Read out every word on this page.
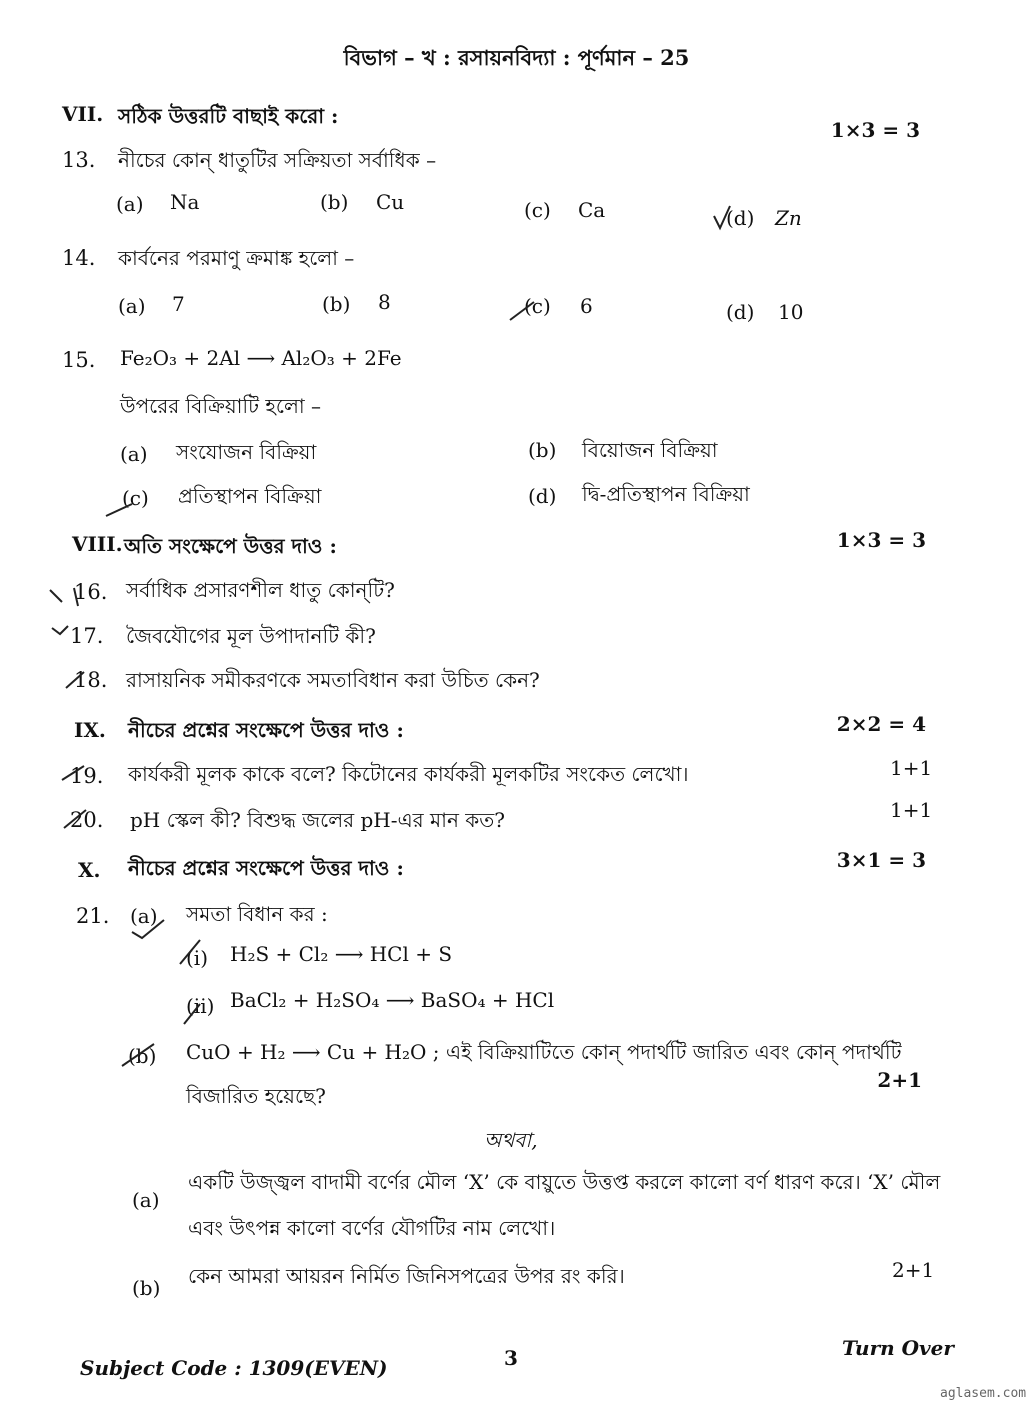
বিভাগ – খ : রসায়নবিদ্যা : পূর্ণমান – 25
VII. সঠিক উত্তরটি বাছাই করো :
1×3 = 3
13. নীচের কোন্ ধাতুটির সক্রিয়তা সর্বাধিক –
(a) Na	(b) Cu	(c) Ca	(d) Zn
14. কার্বনের পরমাণু ক্রমাঙ্ক হলো –
(a) 7	(b) 8	(c) 6	(d) 10
15. Fe₂O₃ + 2Al ⟶ Al₂O₃ + 2Fe
উপরের বিক্রিয়াটি হলো –
(a) সংযোজন বিক্রিয়া	(b) বিয়োজন বিক্রিয়া
(c) প্রতিস্থাপন বিক্রিয়া	(d) দ্বি-প্রতিস্থাপন বিক্রিয়া
VIII. অতি সংক্ষেপে উত্তর দাও :	1×3 = 3
16. সর্বাধিক প্রসারণশীল ধাতু কোন্‌টি?
17. জৈবযৌগের মূল উপাদানটি কী?
18. রাসায়নিক সমীকরণকে সমতাবিধান করা উচিত কেন?
IX. নীচের প্রশ্নের সংক্ষেপে উত্তর দাও :	2×2 = 4
19. কার্যকরী মূলক কাকে বলে? কিটোনের কার্যকরী মূলকটির সংকেত লেখো।	1+1
20. pH স্কেল কী? বিশুদ্ধ জলের pH-এর মান কত?	1+1
X. নীচের প্রশ্নের সংক্ষেপে উত্তর দাও :	3×1 = 3
21. (a) সমতা বিধান কর :
(i) H₂S + Cl₂ ⟶ HCl + S
(ii) BaCl₂ + H₂SO₄ ⟶ BaSO₄ + HCl
(b) CuO + H₂ ⟶ Cu + H₂O ; এই বিক্রিয়াটিতে কোন্ পদার্থটি জারিত এবং কোন্ পদার্থটি
বিজারিত হয়েছে?
2+1
অথবা,
(a)
একটি উজ্জ্বল বাদামী বর্ণের মৌল ‘X’ কে বায়ুতে উত্তপ্ত করলে কালো বর্ণ ধারণ করে। ‘X’ মৌল
এবং উৎপন্ন কালো বর্ণের যৌগটির নাম লেখো।
(b) কেন আমরা আয়রন নির্মিত জিনিসপত্রের উপর রং করি।	2+1
Subject Code : 1309(EVEN)	3	Turn Over
aglasem.com
